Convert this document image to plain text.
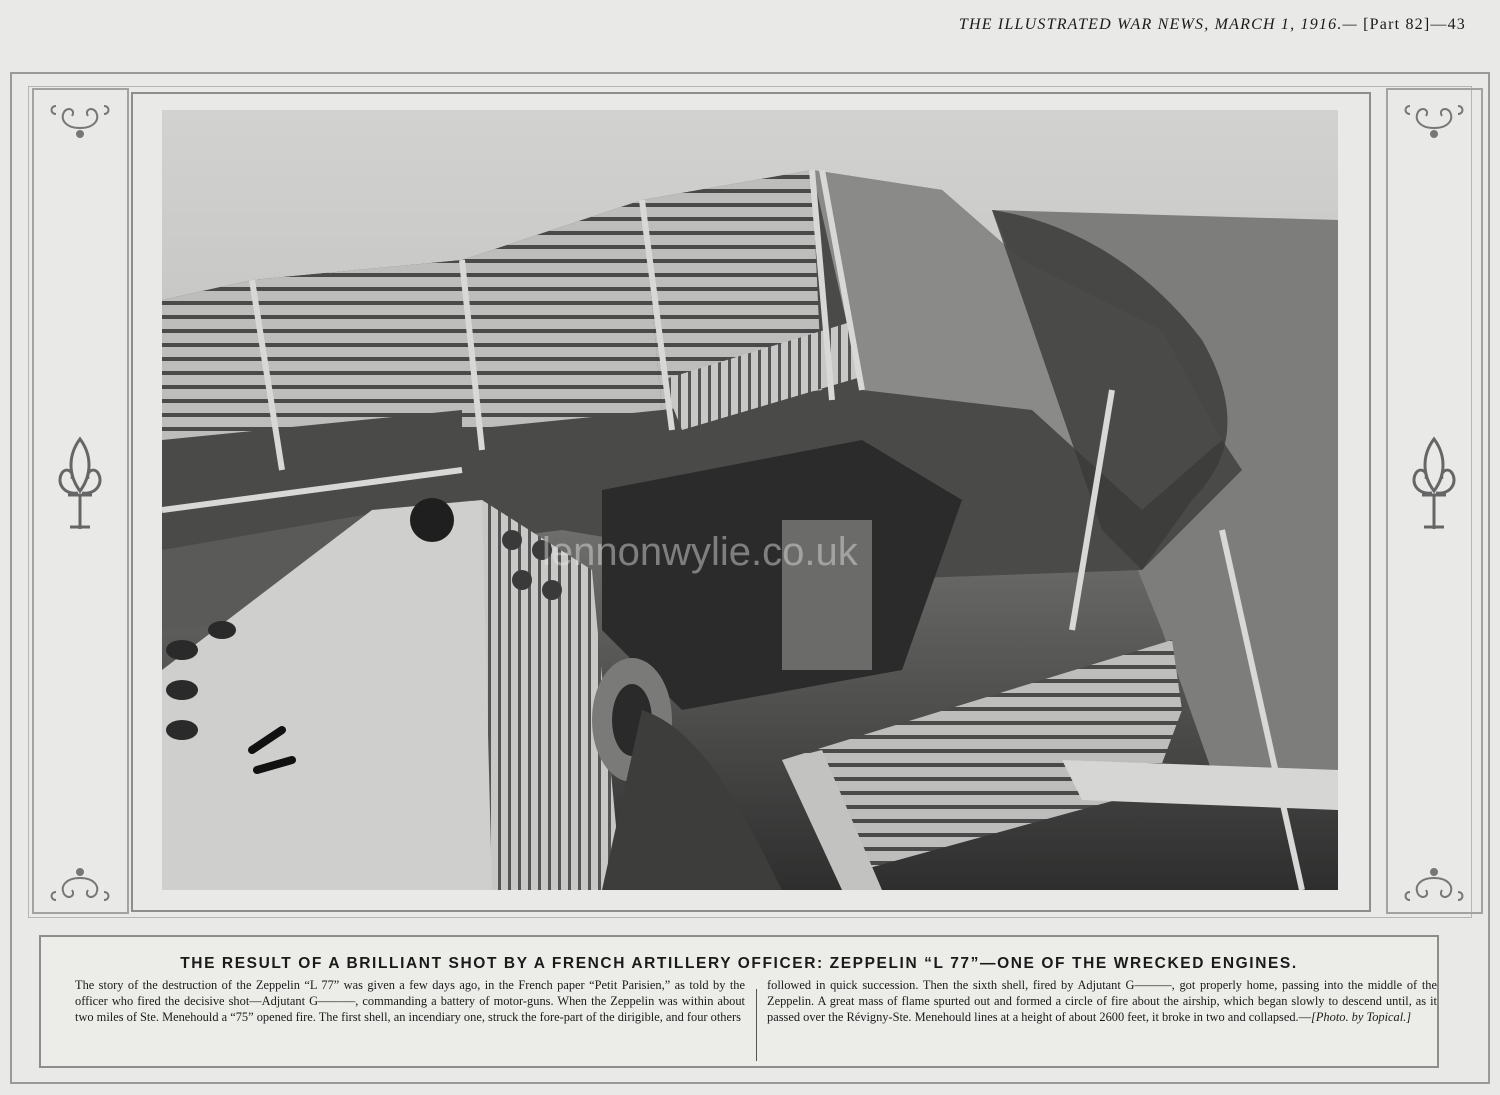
THE ILLUSTRATED WAR NEWS, MARCH 1, 1916.— [Part 82]—43
lennonwylie.co.uk
THE RESULT OF A BRILLIANT SHOT BY A FRENCH ARTILLERY OFFICER: ZEPPELIN “L 77”—ONE OF THE WRECKED ENGINES.
The story of the destruction of the Zeppelin “L 77” was given a few days ago, in the French paper “Petit Parisien,” as told by the officer who fired the decisive shot—Adjutant G———, commanding a battery of motor-guns. When the Zeppelin was within about two miles of Ste. Menehould a “75” opened fire. The first shell, an incendiary one, struck the fore-part of the dirigible, and four others
followed in quick succession. Then the sixth shell, fired by Adjutant G———, got properly home, passing into the middle of the Zeppelin. A great mass of flame spurted out and formed a circle of fire about the airship, which began slowly to descend until, as it passed over the Révigny-Ste. Menehould lines at a height of about 2600 feet, it broke in two and collapsed.—[Photo. by Topical.]
